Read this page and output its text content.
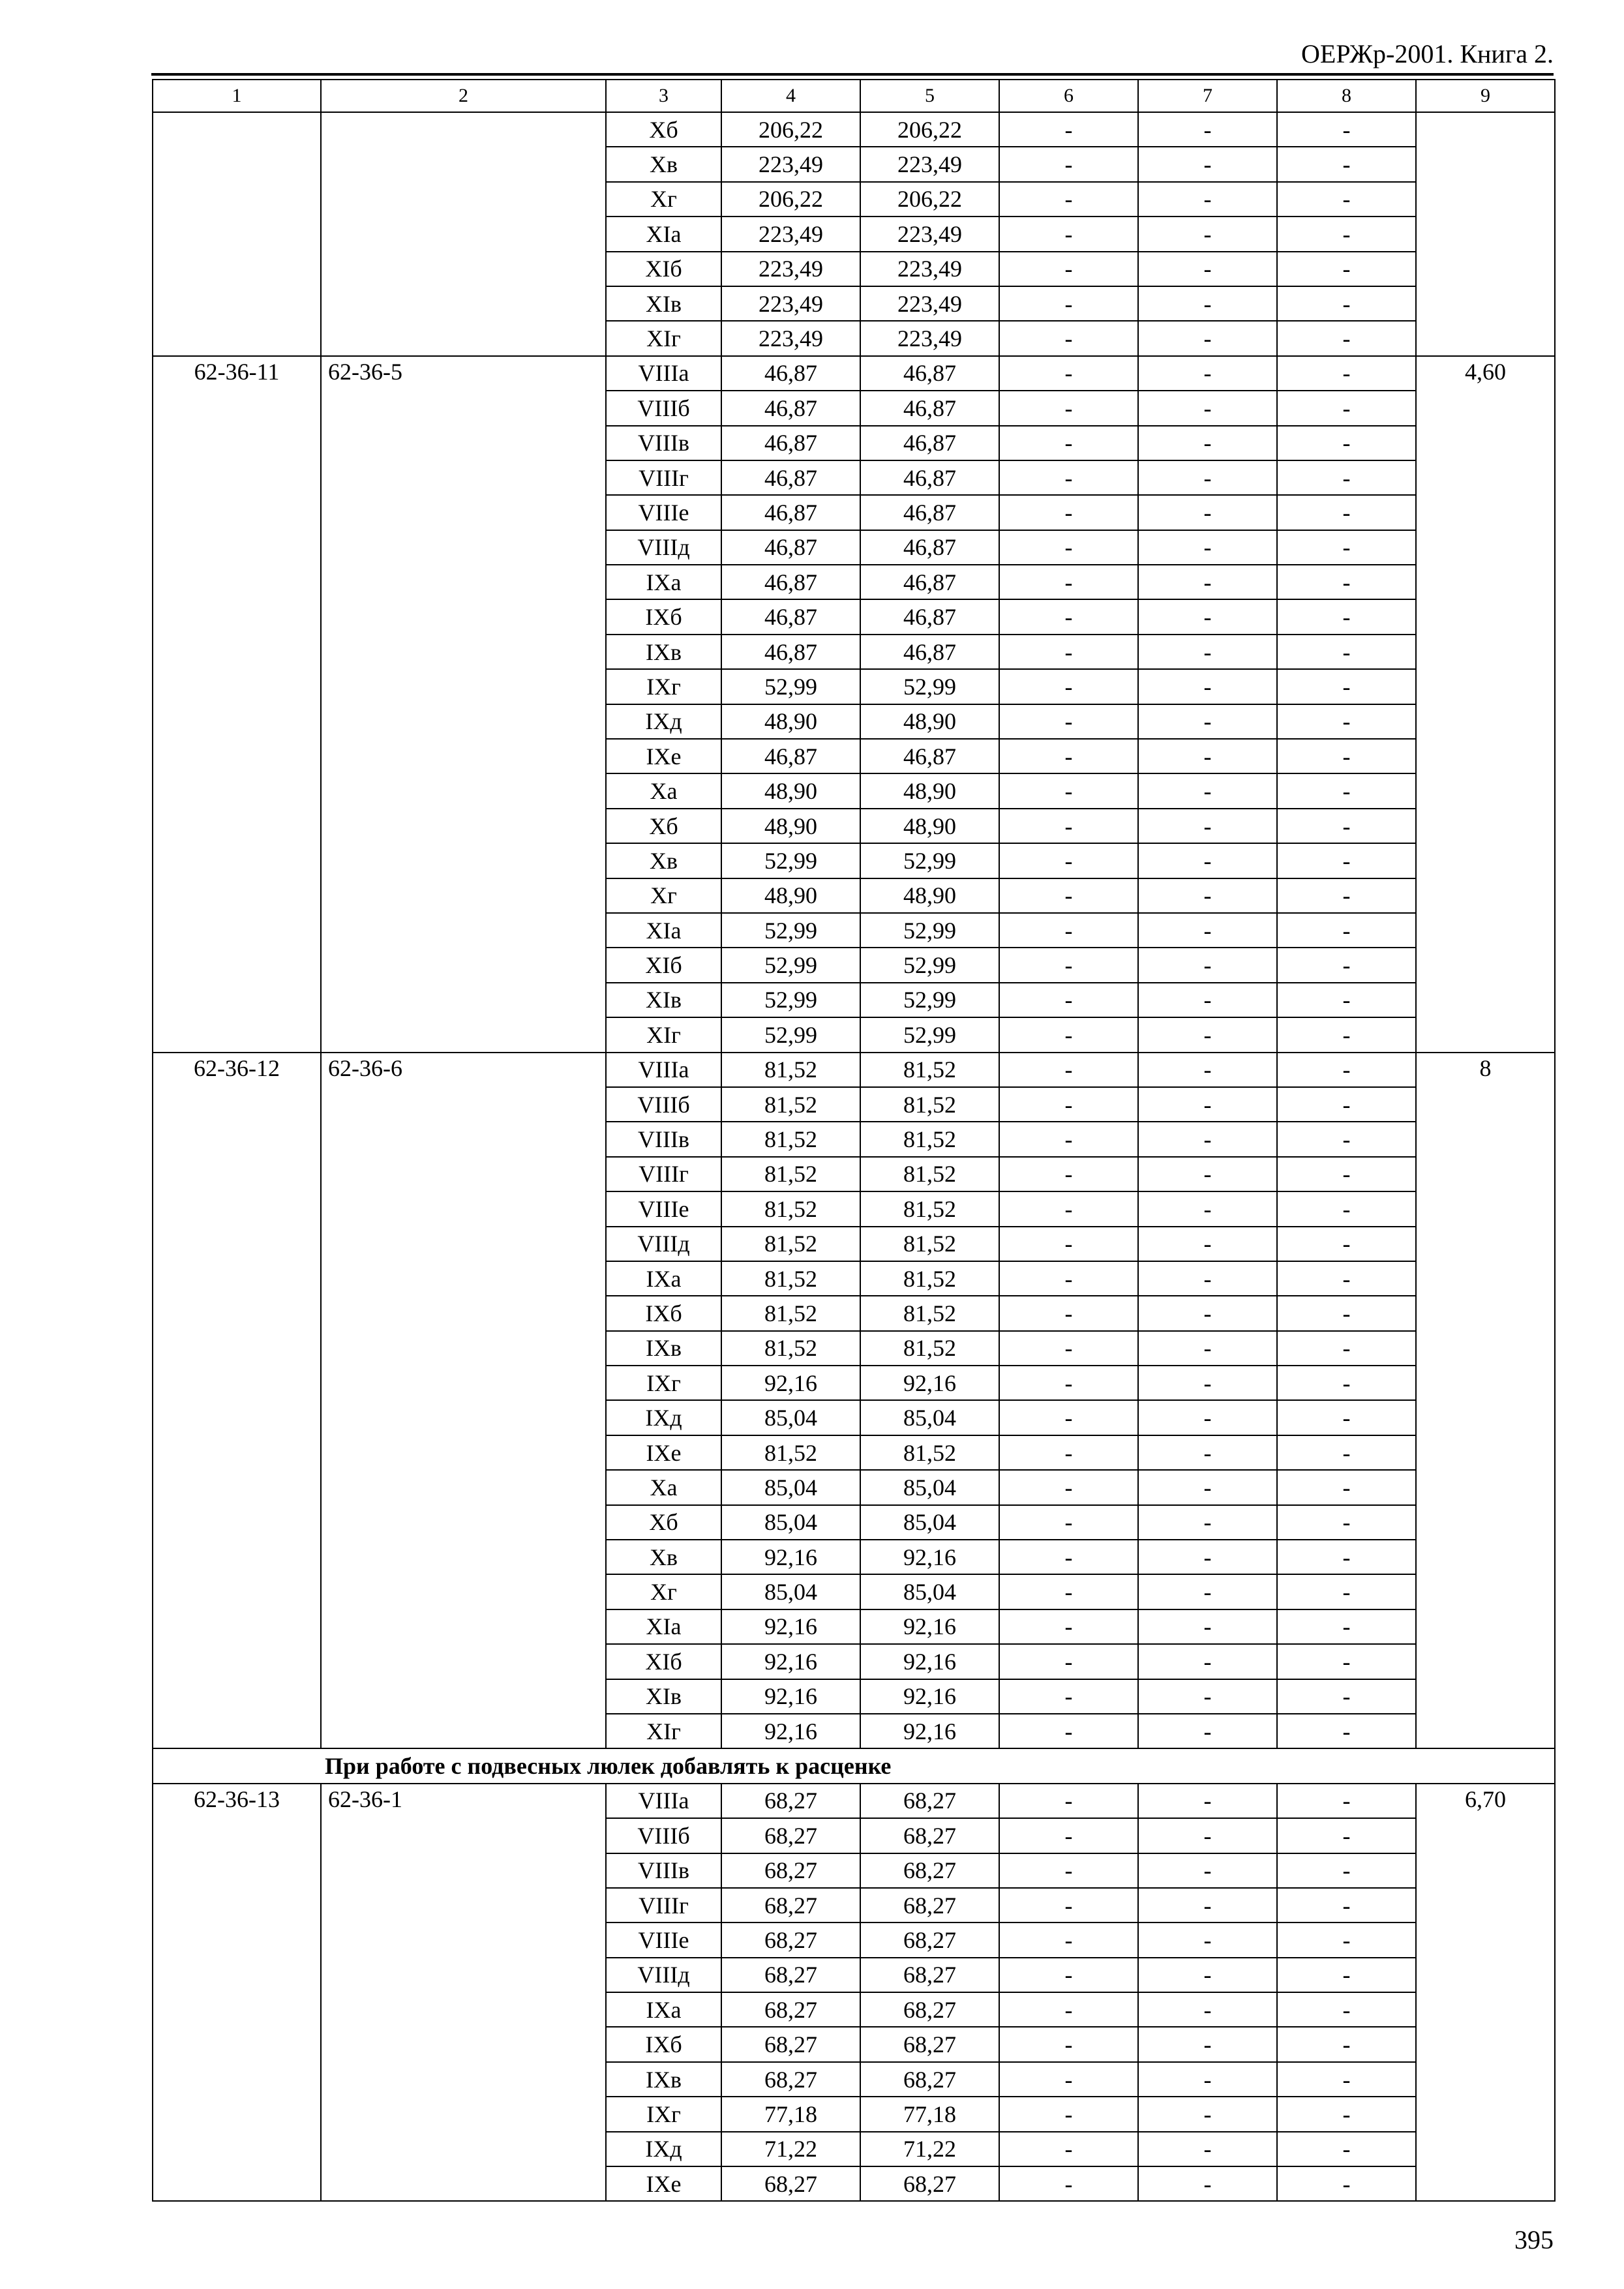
ОЕРЖр-2001. Книга 2.
1	2	3	4	5	6	7	8	9
		Xб	206,22	206,22	-	-	-	
		Xв	223,49	223,49	-	-	-	
		Xг	206,22	206,22	-	-	-	
		XIа	223,49	223,49	-	-	-	
		XIб	223,49	223,49	-	-	-	
		XIв	223,49	223,49	-	-	-	
		XIг	223,49	223,49	-	-	-	
62-36-11	62-36-5	VIIIа	46,87	46,87	-	-	-	4,60
		VIIIб	46,87	46,87	-	-	-	
		VIIIв	46,87	46,87	-	-	-	
		VIIIг	46,87	46,87	-	-	-	
		VIIIе	46,87	46,87	-	-	-	
		VIIIд	46,87	46,87	-	-	-	
		IXа	46,87	46,87	-	-	-	
		IXб	46,87	46,87	-	-	-	
		IXв	46,87	46,87	-	-	-	
		IXг	52,99	52,99	-	-	-	
		IXд	48,90	48,90	-	-	-	
		IXе	46,87	46,87	-	-	-	
		Xа	48,90	48,90	-	-	-	
		Xб	48,90	48,90	-	-	-	
		Xв	52,99	52,99	-	-	-	
		Xг	48,90	48,90	-	-	-	
		XIа	52,99	52,99	-	-	-	
		XIб	52,99	52,99	-	-	-	
		XIв	52,99	52,99	-	-	-	
		XIг	52,99	52,99	-	-	-	
62-36-12	62-36-6	VIIIа	81,52	81,52	-	-	-	8
		VIIIб	81,52	81,52	-	-	-	
		VIIIв	81,52	81,52	-	-	-	
		VIIIг	81,52	81,52	-	-	-	
		VIIIе	81,52	81,52	-	-	-	
		VIIIд	81,52	81,52	-	-	-	
		IXа	81,52	81,52	-	-	-	
		IXб	81,52	81,52	-	-	-	
		IXв	81,52	81,52	-	-	-	
		IXг	92,16	92,16	-	-	-	
		IXд	85,04	85,04	-	-	-	
		IXе	81,52	81,52	-	-	-	
		Xа	85,04	85,04	-	-	-	
		Xб	85,04	85,04	-	-	-	
		Xв	92,16	92,16	-	-	-	
		Xг	85,04	85,04	-	-	-	
		XIа	92,16	92,16	-	-	-	
		XIб	92,16	92,16	-	-	-	
		XIв	92,16	92,16	-	-	-	
		XIг	92,16	92,16	-	-	-	
При работе с подвесных люлек добавлять к расценке								
62-36-13	62-36-1	VIIIа	68,27	68,27	-	-	-	6,70
		VIIIб	68,27	68,27	-	-	-	
		VIIIв	68,27	68,27	-	-	-	
		VIIIг	68,27	68,27	-	-	-	
		VIIIе	68,27	68,27	-	-	-	
		VIIIд	68,27	68,27	-	-	-	
		IXа	68,27	68,27	-	-	-	
		IXб	68,27	68,27	-	-	-	
		IXв	68,27	68,27	-	-	-	
		IXг	77,18	77,18	-	-	-	
		IXд	71,22	71,22	-	-	-	
		IXе	68,27	68,27	-	-	-	
395
